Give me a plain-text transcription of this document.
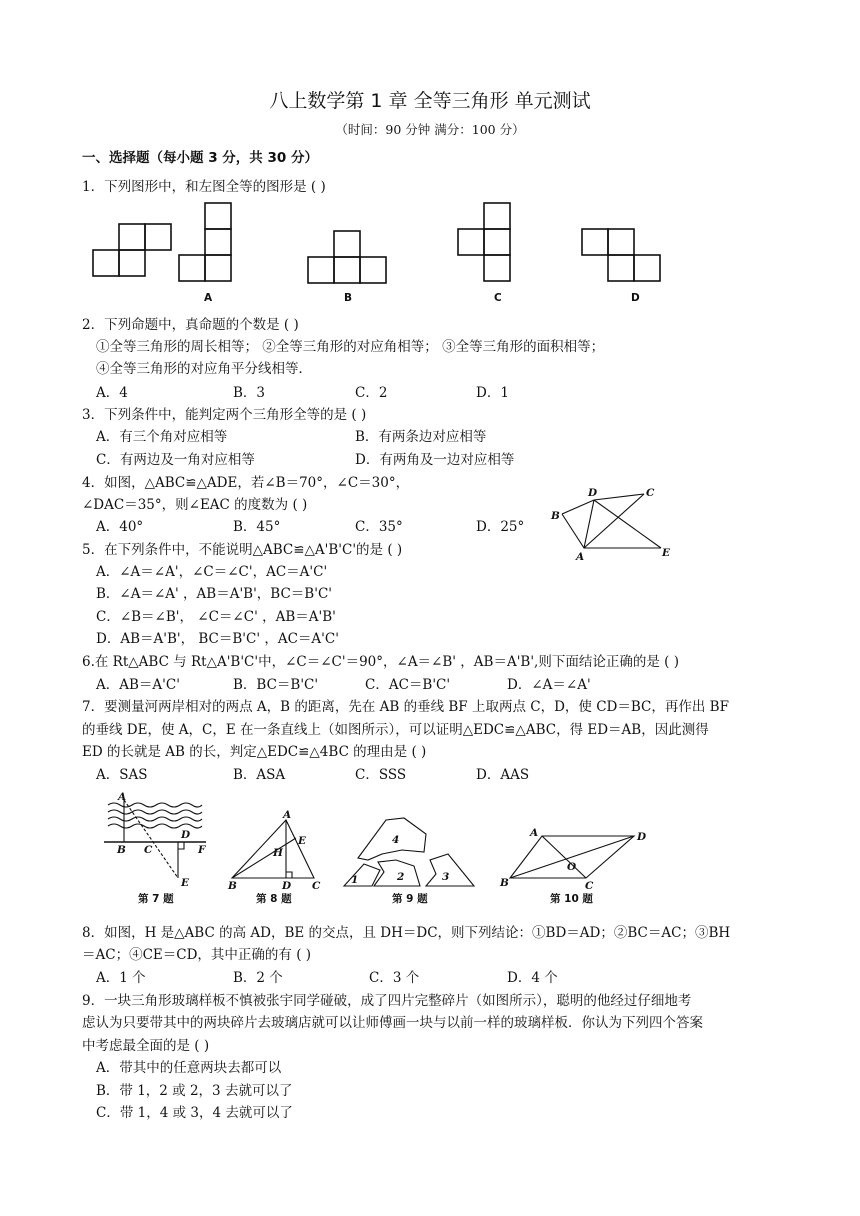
八上数学第 1 章 全等三角形 单元测试
（时间：90 分钟 满分：100 分）
一、选择题（每小题 3 分，共 30 分）
1．下列图形中，和左图全等的图形是 ( )
A	B	C	D
2．下列命题中，真命题的个数是 ( )
①全等三角形的周长相等； ②全等三角形的对应角相等； ③全等三角形的面积相等；
④全等三角形的对应角平分线相等．
A．4	B．3	C．2	D．1
3．下列条件中，能判定两个三角形全等的是 ( )
A．有三个角对应相等	B．有两条边对应相等
C．有两边及一角对应相等	D．有两角及一边对应相等
4．如图，△ABC≌△ADE，若∠B＝70°，∠C＝30°，
∠DAC＝35°，则∠EAC 的度数为 ( )
A．40°	B．45°	C．35°	D．25°
B
D	C
A	E
5．在下列条件中，不能说明△ABC≌△A'B'C'的是 ( )
A．∠A＝∠A'，∠C＝∠C'，AC＝A'C'
B．∠A＝∠A' ，AB＝A'B'，BC＝B'C'
C．∠B＝∠B'， ∠C＝∠C' ，AB＝A'B'
D．AB＝A'B'， BC＝B'C' ，AC＝A'C'
6.在 Rt△ABC 与 Rt△A'B'C'中，∠C＝∠C'＝90°，∠A＝∠B' ，AB＝A'B',则下面结论正确的是 ( )
A．AB＝A'C'	B．BC＝B'C'	C．AC＝B'C'	D．∠A＝∠A'
7．要测量河两岸相对的两点 A，B 的距离，先在 AB 的垂线 BF 上取两点 C，D，使 CD＝BC，再作出 BF
的垂线 DE，使 A，C，E 在一条直线上（如图所示），可以证明△EDC≌△ABC，得 ED＝AB，因此测得
ED 的长就是 AB 的长，判定△EDC≌△4BC 的理由是 ( )
A．SAS	B．ASA	C．SSS	D．AAS
A
B C
D
F
E
第 7 题
A
H
E
B	D C
第 8 题
1	2	3
4
第 9 题
A	D
O
B	C
第 10 题
8．如图，H 是△ABC 的高 AD，BE 的交点，且 DH＝DC，则下列结论：①BD＝AD；②BC＝AC；③BH
＝AC；④CE＝CD，其中正确的有 ( )
A．1 个	B．2 个	C．3 个	D．4 个
9．一块三角形玻璃样板不慎被张宇同学碰破，成了四片完整碎片（如图所示），聪明的他经过仔细地考
虑认为只要带其中的两块碎片去玻璃店就可以让师傅画一块与以前一样的玻璃样板．你认为下列四个答案
中考虑最全面的是 ( )
A．带其中的任意两块去都可以
B．带 1，2 或 2，3 去就可以了
C．带 1，4 或 3，4 去就可以了
